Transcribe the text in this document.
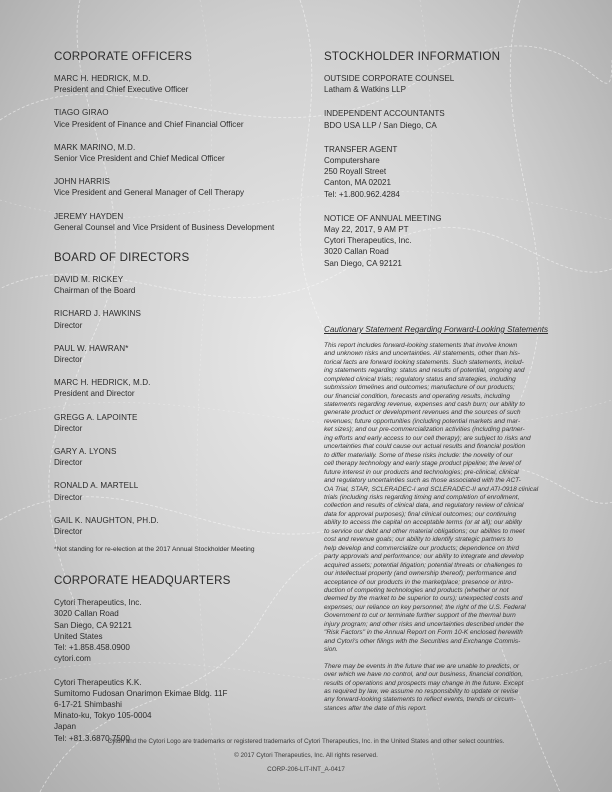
CORPORATE OFFICERS
MARC H. HEDRICK, M.D.
President and Chief Executive Officer
TIAGO GIRAO
Vice President of Finance and Chief Financial Officer
MARK MARINO, M.D.
Senior Vice President and Chief Medical Officer
JOHN HARRIS
Vice President and General Manager of Cell Therapy
JEREMY HAYDEN
General Counsel and Vice Prsident of Business Development
BOARD OF DIRECTORS
DAVID M. RICKEY
Chairman of the Board
RICHARD J. HAWKINS
Director
PAUL W. HAWRAN*
Director
MARC H. HEDRICK, M.D.
President and Director
GREGG A. LAPOINTE
Director
GARY A. LYONS
Director
RONALD A. MARTELL
Director
GAIL K. NAUGHTON, PH.D.
Director
*Not standing for re-election at the 2017 Annual Stockholder Meeting
CORPORATE HEADQUARTERS
Cytori Therapeutics, Inc.
3020 Callan Road
San Diego, CA 92121
United States
Tel: +1.858.458.0900
cytori.com
Cytori Therapeutics K.K.
Sumitomo Fudosan Onarimon Ekimae Bldg. 11F
6-17-21 Shimbashi
Minato-ku, Tokyo 105-0004
Japan
Tel: +81.3.6870.7500
STOCKHOLDER INFORMATION
OUTSIDE CORPORATE COUNSEL
Latham & Watkins LLP
INDEPENDENT ACCOUNTANTS
BDO USA LLP / San Diego, CA
TRANSFER AGENT
Computershare
250 Royall Street
Canton, MA 02021
Tel: +1.800.962.4284
NOTICE OF ANNUAL MEETING
May 22, 2017, 9 AM PT
Cytori Therapeutics, Inc.
3020 Callan Road
San Diego, CA 92121
Cautionary Statement Regarding Forward-Looking Statements
This report includes forward-looking statements that involve known
and unknown risks and uncertainties. All statements, other than his-
torical facts are forward looking statements. Such statements, includ-
ing statements regarding: status and results of potential, ongoing and
completed clinical trials; regulatory status and strategies, including
submission timelines and outcomes; manufacture of our products;
our financial condition, forecasts and operating results, including
statements regarding revenue, expenses and cash burn; our ability to
generate product or development revenues and the sources of such
revenues; future opportunities (including potential markets and mar-
ket sizes); and our pre-commercialization activities (including partner-
ing efforts and early access to our cell therapy); are subject to risks and
uncertainties that could cause our actual results and financial position
to differ materially. Some of these risks include: the novelty of our
cell therapy technology and early stage product pipeline; the level of
future interest in our products and technologies; pre-clinical, clinical
and regulatory uncertainties such as those associated with the ACT-
OA Trial, STAR, SCLERADEC-I and SCLERADEC-II and ATI-0918 clinical
trials (including risks regarding timing and completion of enrollment,
collection and results of clinical data, and regulatory review of clinical
data for approval purposes); final clinical outcomes; our continuing
ability to access the capital on acceptable terms (or at all); our ability
to service our debt and other material obligations; our abilites to meet
cost and revenue goals; our ability to identify strategic partners to
help develop and commercialize our products; dependence on third
party approvals and performance; our ability to integrate and develop
acquired assets; potential litigation; potential threats or challenges to
our intellectual property (and ownership thereof); performance and
acceptance of our products in the marketplace; presence or intro-
duction of competing technologies and products (whether or not
deemed by the market to be superior to ours); unexpected costs and
expenses; our reliance on key personnel; the right of the U.S. Federal
Government to cut or terminate further support of the thermal burn
injury program; and other risks and uncertainties described under the
"Risk Factors" in the Annual Report on Form 10-K enclosed herewith
and Cytori's other filings with the Securities and Exchange Commis-
sion.
There may be events in the future that we are unable to predicts, or
over which we have no control, and our business, financial condition,
results of operations and prospects may change in the future. Except
as required by law, we assume no responsibility to update or revise
any forward-looking statements to reflect events, trends or circum-
stances after the date of this report.
Cytori and the Cytori Logo are trademarks or registered trademarks of Cytori Therapeutics, Inc. in the United States and other select countries.
© 2017 Cytori Therapeutics, Inc. All rights reserved.
CORP-206-LIT-INT_A-0417
